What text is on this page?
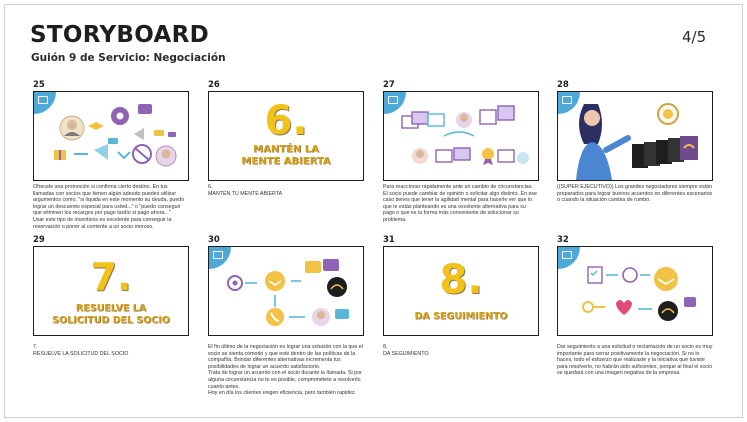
STORYBOARD
Guión 9 de Servicio: Negociación
4/5
25

Ofrecele una promoción si confirma cierto destino. En tus llamadas con socios que tienen algún adeudo puedes utilizar argumentos como, "si liquida en este momento su deuda, puedo lograr un descuento especial para usted..." o "puedo conseguir que eliminen los recargos por pago tardío si pago ahora..."

Usar este tipo de incentivos es excelente para conseguir la reservación o poner al corriente a un socio moroso.

26
6.
MANTÉN LA
MENTE ABIERTA

6.

MANTÉN TU MENTE ABIERTA

27

Para reaccionar rápidamente ante un cambio de circunstancias. El socio puede cambiar de opinión o solicitar algo distinto. En ese caso tienes que tener la agilidad mental para hacerle ver que lo que le estás planteando es una excelente alternativa para su pago o que es la forma más conveniente de solucionar su problema.

28

((SUPER EJECUTIVO)) Los grandes negociadores siempre están preparados para lograr buenos acuerdos en diferentes escenarios o cuando la situación cambia de rumbo.

29
7.
RESUELVE LA
SOLICITUD DEL SOCIO

7.

RESUELVE LA SOLICITUD DEL SOCIO

30

El fin último de la negociación es lograr una solución con la que el socio se sienta cómodo y que esté dentro de las políticas de la compañía. Brindar diferentes alternativas incrementa tus posibilidades de lograr un acuerdo satisfactorio.

Trata de lograr un acuerdo con el socio durante la llamada. Si por alguna circunstancia no te es posible, comprométete a resolverlo cuanto antes.

Hoy en día los clientes exigen eficiencia, pero también rapidez.

31
8.
DA SEGUIMIENTO

8.

DA SEGUIMIENTO

32

Dar seguimiento a una solicitud o reclamación de un socio es muy importante para cerrar positivamente la negociación. Si no lo haces, todo el esfuerzo que realizaste y la iniciativa que tuviste para resolverlo, no habrán sido suficientes, porque al final el socio se quedará con una imagen negativa de la empresa.
